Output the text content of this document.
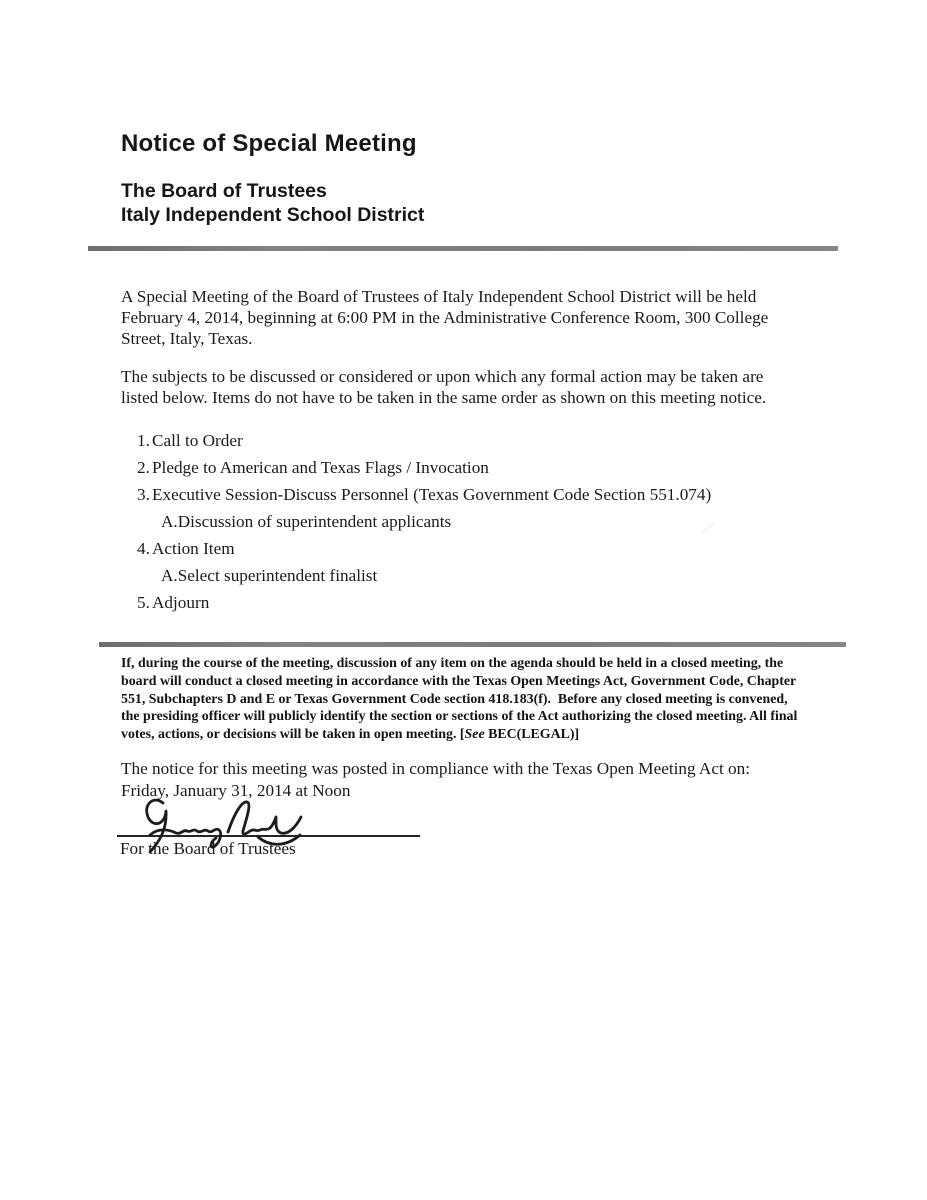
Notice of Special Meeting
The Board of Trustees
Italy Independent School District
A Special Meeting of the Board of Trustees of Italy Independent School District will be held
February 4, 2014, beginning at 6:00 PM in the Administrative Conference Room, 300 College
Street, Italy, Texas.
The subjects to be discussed or considered or upon which any formal action may be taken are
listed below. Items do not have to be taken in the same order as shown on this meeting notice.
1. Call to Order
2. Pledge to American and Texas Flags / Invocation
3. Executive Session-Discuss Personnel (Texas Government Code Section 551.074)
A.Discussion of superintendent applicants
4. Action Item
A.Select superintendent finalist
5. Adjourn
If, during the course of the meeting, discussion of any item on the agenda should be held in a closed meeting, the
board will conduct a closed meeting in accordance with the Texas Open Meetings Act, Government Code, Chapter
551, Subchapters D and E or Texas Government Code section 418.183(f).  Before any closed meeting is convened,
the presiding officer will publicly identify the section or sections of the Act authorizing the closed meeting. All final
votes, actions, or decisions will be taken in open meeting. [See BEC(LEGAL)]
The notice for this meeting was posted in compliance with the Texas Open Meeting Act on:
Friday, January 31, 2014 at Noon
For the Board of Trustees
